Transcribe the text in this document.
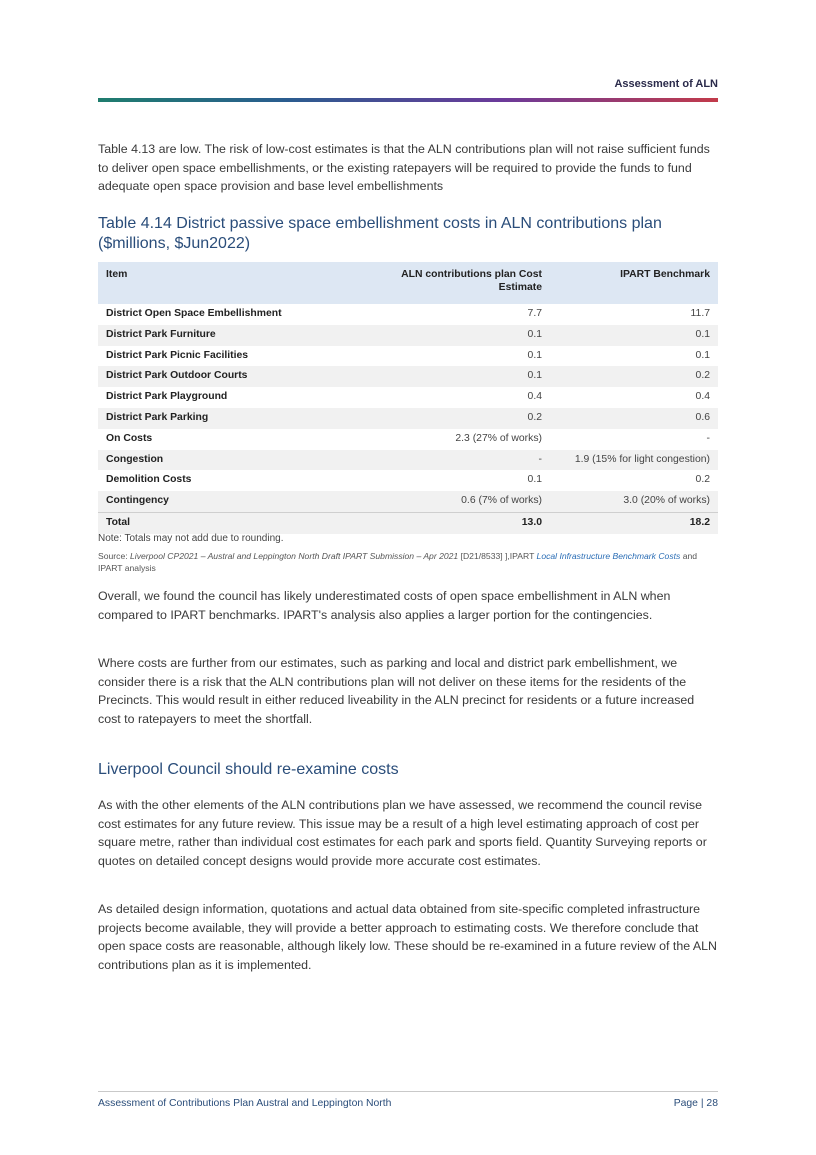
Assessment of ALN

Table 4.13 are low. The risk of low-cost estimates is that the ALN contributions plan will not raise sufficient funds to deliver open space embellishments, or the existing ratepayers will be required to provide the funds to fund adequate open space provision and base level embellishments

Table 4.14 District passive space embellishment costs in ALN contributions plan ($millions, $Jun2022)
Item	ALN contributions plan Cost Estimate	IPART Benchmark
District Open Space Embellishment	7.7	11.7
District Park Furniture	0.1	0.1
District Park Picnic Facilities	0.1	0.1
District Park Outdoor Courts	0.1	0.2
District Park Playground	0.4	0.4
District Park Parking	0.2	0.6
On Costs	2.3 (27% of works)	-
Congestion	-	1.9 (15% for light congestion)
Demolition Costs	0.1	0.2
Contingency	0.6 (7% of works)	3.0 (20% of works)
Total	13.0	18.2
Note: Totals may not add due to rounding.
Source: Liverpool CP2021 – Austral and Leppington North Draft IPART Submission – Apr 2021 [D21/8533] ],IPART Local Infrastructure Benchmark Costs and IPART analysis

Overall, we found the council has likely underestimated costs of open space embellishment in ALN when compared to IPART benchmarks. IPART's analysis also applies a larger portion for the contingencies.

Where costs are further from our estimates, such as parking and local and district park embellishment, we consider there is a risk that the ALN contributions plan will not deliver on these items for the residents of the Precincts. This would result in either reduced liveability in the ALN precinct for residents or a future increased cost to ratepayers to meet the shortfall.

Liverpool Council should re-examine costs

As with the other elements of the ALN contributions plan we have assessed, we recommend the council revise cost estimates for any future review. This issue may be a result of a high level estimating approach of cost per square metre, rather than individual cost estimates for each park and sports field. Quantity Surveying reports or quotes on detailed concept designs would provide more accurate cost estimates.

As detailed design information, quotations and actual data obtained from site-specific completed infrastructure projects become available, they will provide a better approach to estimating costs. We therefore conclude that open space costs are reasonable, although likely low. These should be re-examined in a future review of the ALN contributions plan as it is implemented.

Assessment of Contributions Plan Austral and Leppington North	Page | 28
